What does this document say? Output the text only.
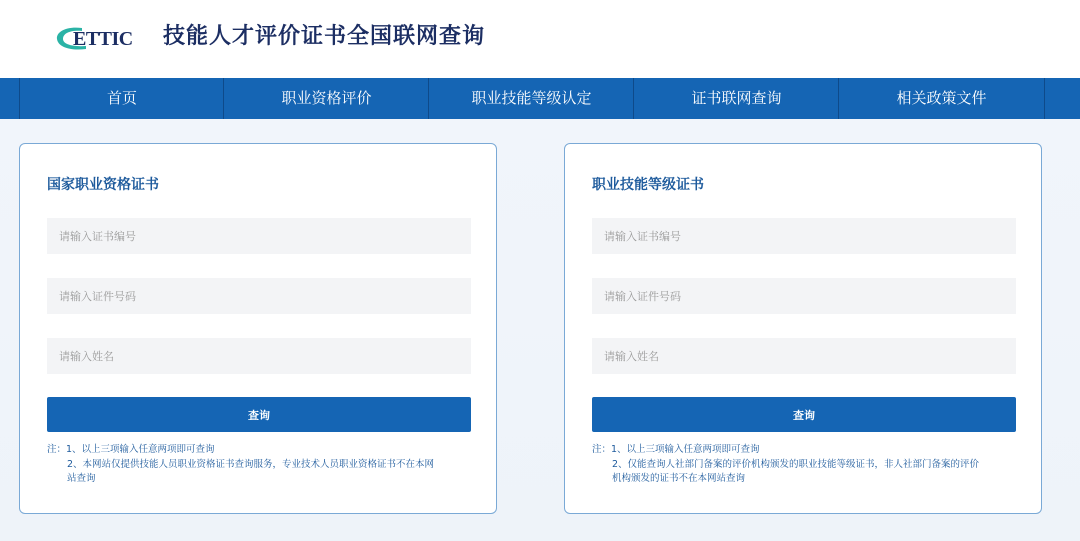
ETTIC 技能人才评价证书全国联网查询
首页	职业资格评价	职业技能等级认定	证书联网查询	相关政策文件
国家职业资格证书
请输入证书编号
请输入证件号码
请输入姓名
查询
注：1、以上三项输入任意两项即可查询
2、本网站仅提供技能人员职业资格证书查询服务，专业技术人员职业资格证书不在本网
站查询
职业技能等级证书
请输入证书编号
请输入证件号码
请输入姓名
查询
注：1、以上三项输入任意两项即可查询
2、仅能查询人社部门备案的评价机构颁发的职业技能等级证书，非人社部门备案的评价
机构颁发的证书不在本网站查询
